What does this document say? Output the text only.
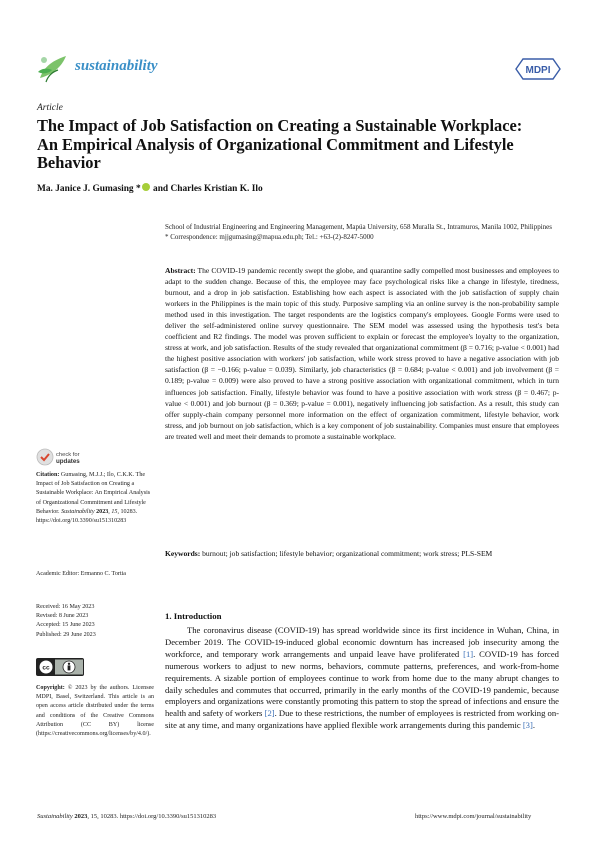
sustainability	MDPI
Article
The Impact of Job Satisfaction on Creating a Sustainable Workplace: An Empirical Analysis of Organizational Commitment and Lifestyle Behavior
Ma. Janice J. Gumasing * and Charles Kristian K. Ilo
School of Industrial Engineering and Engineering Management, Mapúa University, 658 Muralla St., Intramuros, Manila 1002, Philippines
* Correspondence: mjjgumasing@mapua.edu.ph; Tel.: +63-(2)-8247-5000
Abstract: The COVID-19 pandemic recently swept the globe, and quarantine sadly compelled most businesses and employees to adapt to the sudden change. Because of this, the employee may face psychological risks like a change in lifestyle, tiredness, burnout, and a drop in job satisfaction. Establishing how each aspect is associated with the job satisfaction of supply chain workers in the Philippines is the main topic of this study. Purposive sampling via an online survey is the non-probability sample method used in this investigation. The target respondents are the logistics company's employees. Google Forms were used to deliver the self-administered online survey questionnaire. The SEM model was assessed using the hypothesis test's beta coefficient and R2 findings. The model was proven sufficient to explain or forecast the employee's loyalty to the organization, stress at work, and job satisfaction. Results of the study revealed that organizational commitment (β = 0.716; p-value < 0.001) had the highest positive association with workers' job satisfaction, while work stress proved to have a negative association with job satisfaction (β = −0.166; p-value = 0.039). Similarly, job characteristics (β = 0.684; p-value < 0.001) and job involvement (β = 0.189; p-value = 0.009) were also proved to have a strong positive association with organizational commitment, which in turn influences job satisfaction. Finally, lifestyle behavior was found to have a positive association with work stress (β = 0.467; p-value < 0.001) and job burnout (β = 0.369; p-value = 0.001), negatively influencing job satisfaction. As a result, this study can offer supply-chain company personnel more information on the effect of organization commitment, lifestyle behavior, work stress, and job burnout on job satisfaction, which is a key component of job sustainability. Companies must ensure that employees are treated well and meet their demands to promote a sustainable workplace.
Keywords: burnout; job satisfaction; lifestyle behavior; organizational commitment; work stress; PLS-SEM
1. Introduction
The coronavirus disease (COVID-19) has spread worldwide since its first incidence in Wuhan, China, in December 2019. The COVID-19-induced global economic downturn has increased job insecurity among the workforce, and temporary work arrangements and unpaid leave have proliferated [1]. COVID-19 has forced numerous workers to adjust to new norms, behaviors, commute patterns, preferences, and work-from-home requirements. A sizable portion of employees continue to work from home due to the many abrupt changes to daily schedules and commutes that occurred, primarily in the early months of the COVID-19 pandemic, because employers and organizations were constantly promoting this pattern to stop the spread of infections and ensure the health and safety of workers [2]. Due to these restrictions, the number of employees is restricted from working on-site at any time, and many organizations have applied flexible work arrangements during this pandemic [3].
check for
updates
Citation: Gumasing, M.J.J.; Ilo, C.K.K. The Impact of Job Satisfaction on Creating a Sustainable Workplace: An Empirical Analysis of Organizational Commitment and Lifestyle Behavior. Sustainability 2023, 15, 10283. https://doi.org/10.3390/su151310283
Academic Editor: Ermanno C. Tortia
Received: 16 May 2023
Revised: 8 June 2023
Accepted: 15 June 2023
Published: 29 June 2023
cc
Copyright: © 2023 by the authors. Licensee MDPI, Basel, Switzerland. This article is an open access article distributed under the terms and conditions of the Creative Commons Attribution (CC BY) license (https://creativecommons.org/licenses/by/4.0/).
Sustainability 2023, 15, 10283. https://doi.org/10.3390/su151310283	https://www.mdpi.com/journal/sustainability
